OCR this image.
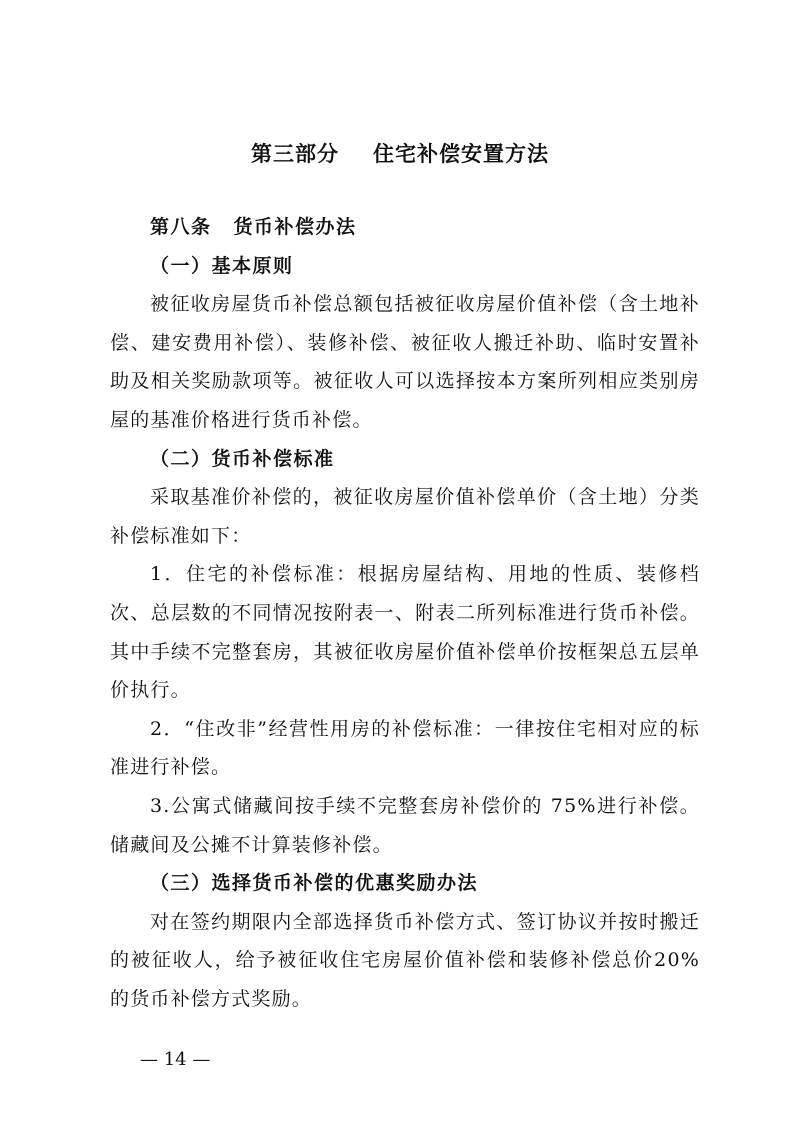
第三部分 住宅补偿安置方法

第八条 货币补偿办法

（一）基本原则

被征收房屋货币补偿总额包括被征收房屋价值补偿（含土地补偿、建安费用补偿）、装修补偿、被征收人搬迁补助、临时安置补助及相关奖励款项等。被征收人可以选择按本方案所列相应类别房屋的基准价格进行货币补偿。

（二）货币补偿标准

采取基准价补偿的，被征收房屋价值补偿单价（含土地）分类补偿标准如下：

1．住宅的补偿标准：根据房屋结构、用地的性质、装修档次、总层数的不同情况按附表一、附表二所列标准进行货币补偿。其中手续不完整套房，其被征收房屋价值补偿单价按框架总五层单价执行。

2．“住改非”经营性用房的补偿标准：一律按住宅相对应的标准进行补偿。

3.公寓式储藏间按手续不完整套房补偿价的 75%进行补偿。储藏间及公摊不计算装修补偿。

（三）选择货币补偿的优惠奖励办法

对在签约期限内全部选择货币补偿方式、签订协议并按时搬迁的被征收人，给予被征收住宅房屋价值补偿和装修补偿总价20%的货币补偿方式奖励。

— 14 —
